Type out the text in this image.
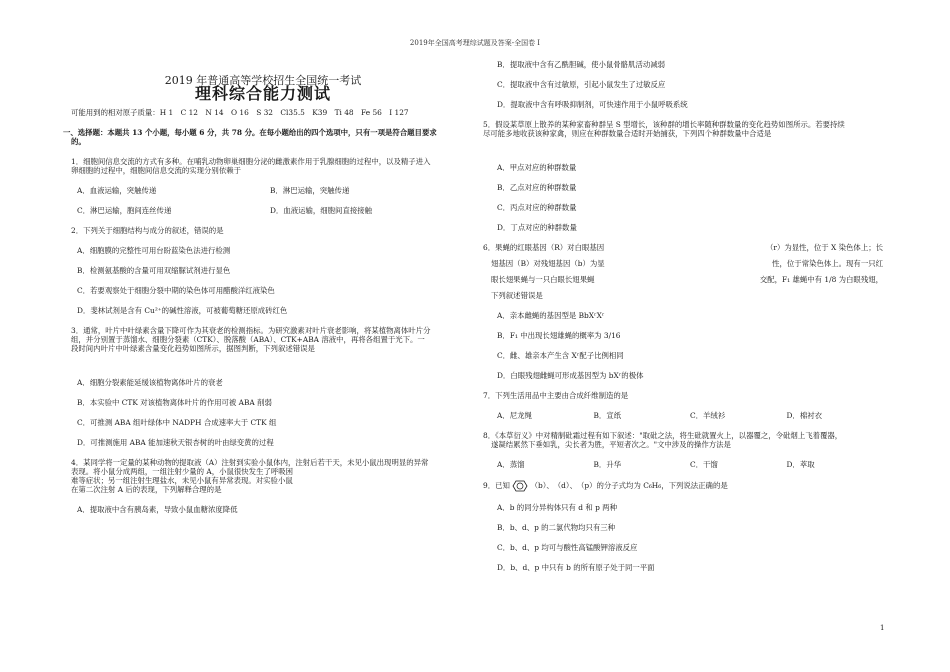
2019年全国高考理综试题及答案-全国卷 I
2019 年普通高等学校招生全国统一考试
理科综合能力测试
可能用到的相对原子质量：H 1　C 12　N 14　O 16　S 32　Cl35.5　K39　Ti 48　Fe 56　I 127
一、选择题：本题共 13 个小题，每小题 6 分，共 78 分。在每小题给出的四个选项中，只有一项是符合题目要求
的。
1．细胞间信息交流的方式有多种。在哺乳动物卵巢细胞分泌的雌激素作用于乳腺细胞的过程中，以及精子进入
卵细胞的过程中，细胞间信息交流的实现分别依赖于
A．血液运输，突触传递	B．淋巴运输，突触传递
C．淋巴运输，胞间连丝传递	D．血液运输，细胞间直接接触
2．下列关于细胞结构与成分的叙述，错误的是
A．细胞膜的完整性可用台盼蓝染色法进行检测
B．检测氨基酸的含量可用双缩脲试剂进行显色
C．若要观察处于细胞分裂中期的染色体可用醋酸洋红液染色
D．斐林试剂是含有 Cu²⁺的碱性溶液，可被葡萄糖还原成砖红色
3．通常，叶片中叶绿素含量下降可作为其衰老的检测指标。为研究激素对叶片衰老影响，将某植物离体叶片分
组，并分别置于蒸馏水、细胞分裂素（CTK）、脱落酸（ABA）、CTK+ABA 溶液中，再将各组置于光下。一
段时间内叶片中叶绿素含量变化趋势如图所示，据图判断，下列叙述错误是
A．细胞分裂素能延缓该植物离体叶片的衰老
B．本实验中 CTK 对该植物离体叶片的作用可被 ABA 削弱
C．可推测 ABA 组叶绿体中 NADPH 合成速率大于 CTK 组
D．可推测施用 ABA 能加速秋天银杏树的叶由绿变黄的过程
4．某同学将一定量的某种动物的提取液（A）注射到实验小鼠体内，注射后若干天，未见小鼠出现明显的异常
表现。将小鼠分成两组，一组注射少量的 A，小鼠很快发生了呼吸困
难等症状；另一组注射生理盐水，未见小鼠有异常表现。对实验小鼠
在第二次注射 A 后的表现，下列解释合理的是
A．提取液中含有胰岛素，导致小鼠血糖浓度降低
B．提取液中含有乙酰胆碱，使小鼠骨骼肌活动减弱
C．提取液中含有过敏原，引起小鼠发生了过敏反应
D．提取液中含有呼吸抑制剂，可快速作用于小鼠呼吸系统
5．假设某草原上散养的某种家畜种群呈 S 型增长，该种群的增长率随种群数量的变化趋势如图所示。若要持续
尽可能多地收获该种家禽，则应在种群数量合适时开始捕获，下列四个种群数量中合适是
A．甲点对应的种群数量
B．乙点对应的种群数量
C．丙点对应的种群数量
D．丁点对应的种群数量
6．果蝇的红眼基因（R）对白眼基因	（r）为显性，位于 X 染色体上；长
翅基因（B）对残翅基因（b）为显	性，位于常染色体上。现有一只红
眼长翅果蝇与一只白眼长翅果蝇	交配，F₁ 雄蝇中有 1/8 为白眼残翅，
下列叙述错误是
A．亲本雌蝇的基因型是 BbXʳXʳ
B．F₁ 中出现长翅雄蝇的概率为 3/16
C．雌、雄亲本产生含 Xʳ配子比例相同
D．白眼残翅雌蝇可形成基因型为 bXʳ的极体
7．下列生活用品中主要由合成纤维制造的是
A．尼龙绳	B．宣纸	C．羊绒衫	D．棉衬衣
8．《本草衍义》中对精制砒霜过程有如下叙述："取砒之法，将生砒就置火上，以器覆之，令砒烟上飞着覆器，
遂凝结累然下垂如乳，尖长者为胜，平短者次之。"文中涉及的操作方法是
A．蒸馏	B．升华	C．干馏	D．萃取
9．已知	（b）、　（d）、　（p）的分子式均为 C₆H₆，下列说法正确的是
A．b 的同分异构体只有 d 和 p 两种
B．b、d、p 的二氯代物均只有三种
C．b、d、p 均可与酸性高锰酸钾溶液反应
D．b、d、p 中只有 b 的所有原子处于同一平面
1
